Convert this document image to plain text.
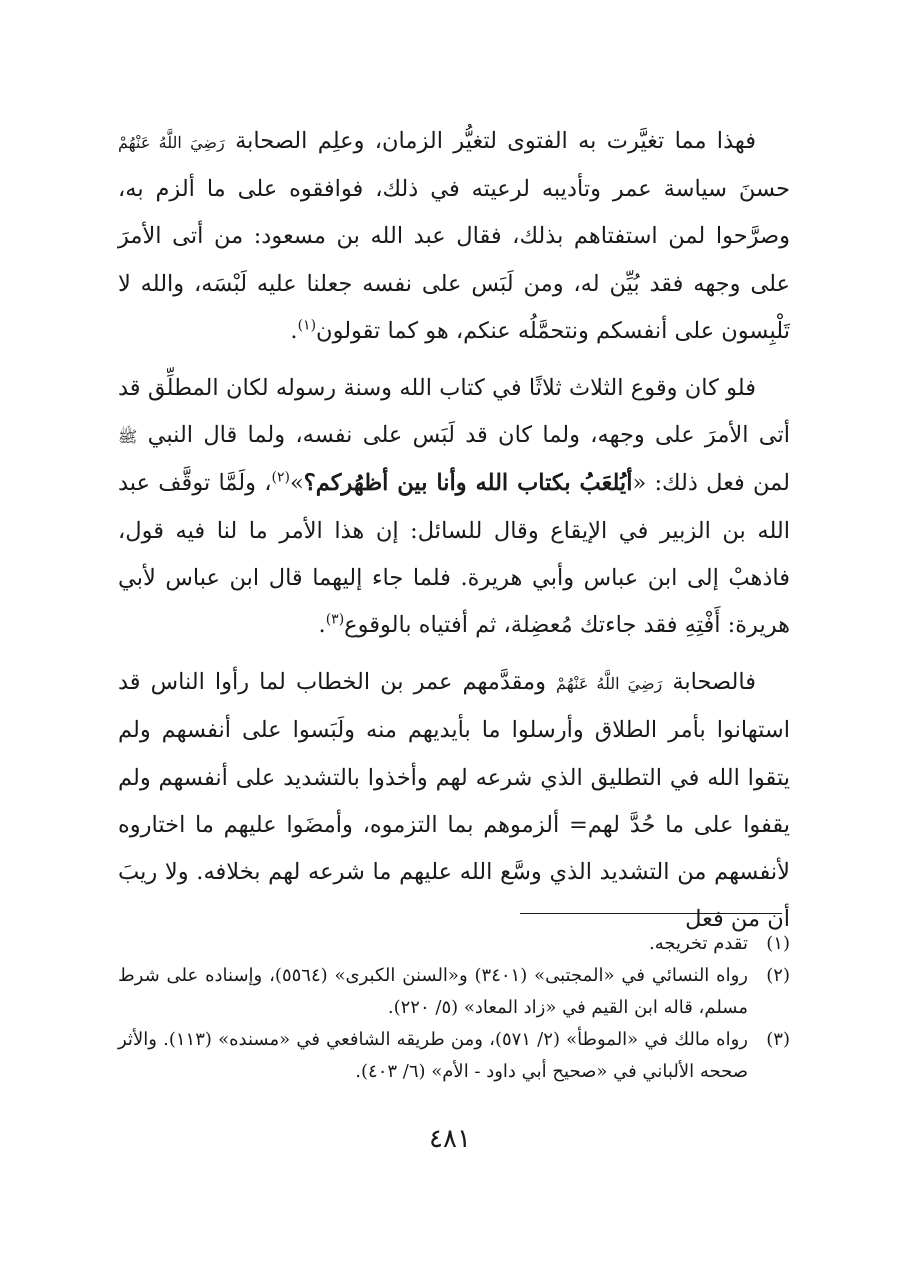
فهذا مما تغيَّرت به الفتوى لتغيُّر الزمان، وعلِم الصحابة رَضِيَ اللَّهُ عَنْهُمْ حسنَ سياسة عمر وتأديبه لرعيته في ذلك، فوافقوه على ما ألزم به، وصرَّحوا لمن استفتاهم بذلك، فقال عبد الله بن مسعود: من أتى الأمرَ على وجهه فقد بُيِّن له، ومن لَبَس على نفسه جعلنا عليه لَبْسَه، والله لا تَلْبِسون على أنفسكم ونتحمَّلُه عنكم، هو كما تقولون$^{(١)}$.

فلو كان وقوع الثلاث ثلاثًا في كتاب الله وسنة رسوله لكان المطلِّق قد أتى الأمرَ على وجهه، ولما كان قد لَبَس على نفسه، ولما قال النبي ﷺ لمن فعل ذلك: «أيُلعَبُ بكتاب الله وأنا بين أظهُركم؟»$^{(٢)}$، ولَمَّا توقَّف عبد الله بن الزبير في الإيقاع وقال للسائل: إن هذا الأمر ما لنا فيه قول، فاذهبْ إلى ابن عباس وأبي هريرة. فلما جاء إليهما قال ابن عباس لأبي هريرة: أَفْتِهِ فقد جاءتك مُعضِلة، ثم أفتياه بالوقوع$^{(٣)}$.

فالصحابة رَضِيَ اللَّهُ عَنْهُمْ ومقدَّمهم عمر بن الخطاب لما رأوا الناس قد استهانوا بأمر الطلاق وأرسلوا ما بأيديهم منه ولَبَسوا على أنفسهم ولم يتقوا الله في التطليق الذي شرعه لهم وأخذوا بالتشديد على أنفسهم ولم يقفوا على ما حُدَّ لهم= ألزموهم بما التزموه، وأمضَوا عليهم ما اختاروه لأنفسهم من التشديد الذي وسَّع الله عليهم ما شرعه لهم بخلافه. ولا ريبَ أن من فعل

(١)
تقدم تخريجه.
(٢)
رواه النسائي في «المجتبى» (٣٤٠١) و«السنن الكبرى» (٥٥٦٤)، وإسناده على شرط مسلم، قاله ابن القيم في «زاد المعاد» (٥/ ٢٢٠).
(٣)
رواه مالك في «الموطأ» (٢/ ٥٧١)، ومن طريقه الشافعي في «مسنده» (١١٣). والأثر صححه الألباني في «صحيح أبي داود - الأم» (٦/ ٤٠٣).
٤٨١
